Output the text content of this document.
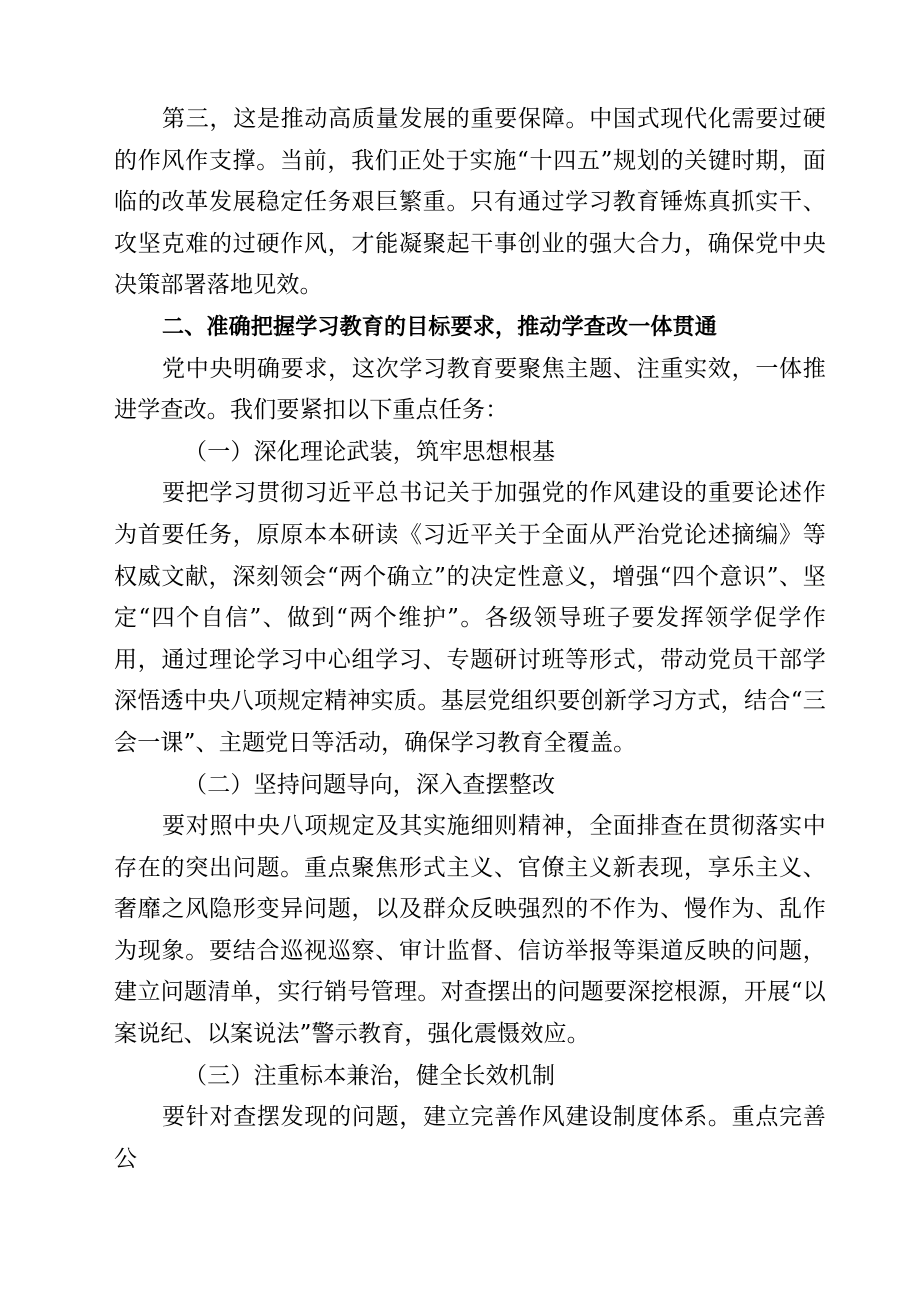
第三，这是推动高质量发展的重要保障。中国式现代化需要过硬的作风作支撑。当前，我们正处于实施“十四五”规划的关键时期，面临的改革发展稳定任务艰巨繁重。只有通过学习教育锤炼真抓实干、攻坚克难的过硬作风，才能凝聚起干事创业的强大合力，确保党中央决策部署落地见效。

二、准确把握学习教育的目标要求，推动学查改一体贯通

党中央明确要求，这次学习教育要聚焦主题、注重实效，一体推进学查改。我们要紧扣以下重点任务：

（一）深化理论武装，筑牢思想根基

要把学习贯彻习近平总书记关于加强党的作风建设的重要论述作为首要任务，原原本本研读《习近平关于全面从严治党论述摘编》等权威文献，深刻领会“两个确立”的决定性意义，增强“四个意识”、坚定“四个自信”、做到“两个维护”。各级领导班子要发挥领学促学作用，通过理论学习中心组学习、专题研讨班等形式，带动党员干部学深悟透中央八项规定精神实质。基层党组织要创新学习方式，结合“三会一课”、主题党日等活动，确保学习教育全覆盖。

（二）坚持问题导向，深入查摆整改

要对照中央八项规定及其实施细则精神，全面排查在贯彻落实中存在的突出问题。重点聚焦形式主义、官僚主义新表现，享乐主义、奢靡之风隐形变异问题，以及群众反映强烈的不作为、慢作为、乱作为现象。要结合巡视巡察、审计监督、信访举报等渠道反映的问题，建立问题清单，实行销号管理。对查摆出的问题要深挖根源，开展“以案说纪、以案说法”警示教育，强化震慑效应。

（三）注重标本兼治，健全长效机制

要针对查摆发现的问题，建立完善作风建设制度体系。重点完善公
